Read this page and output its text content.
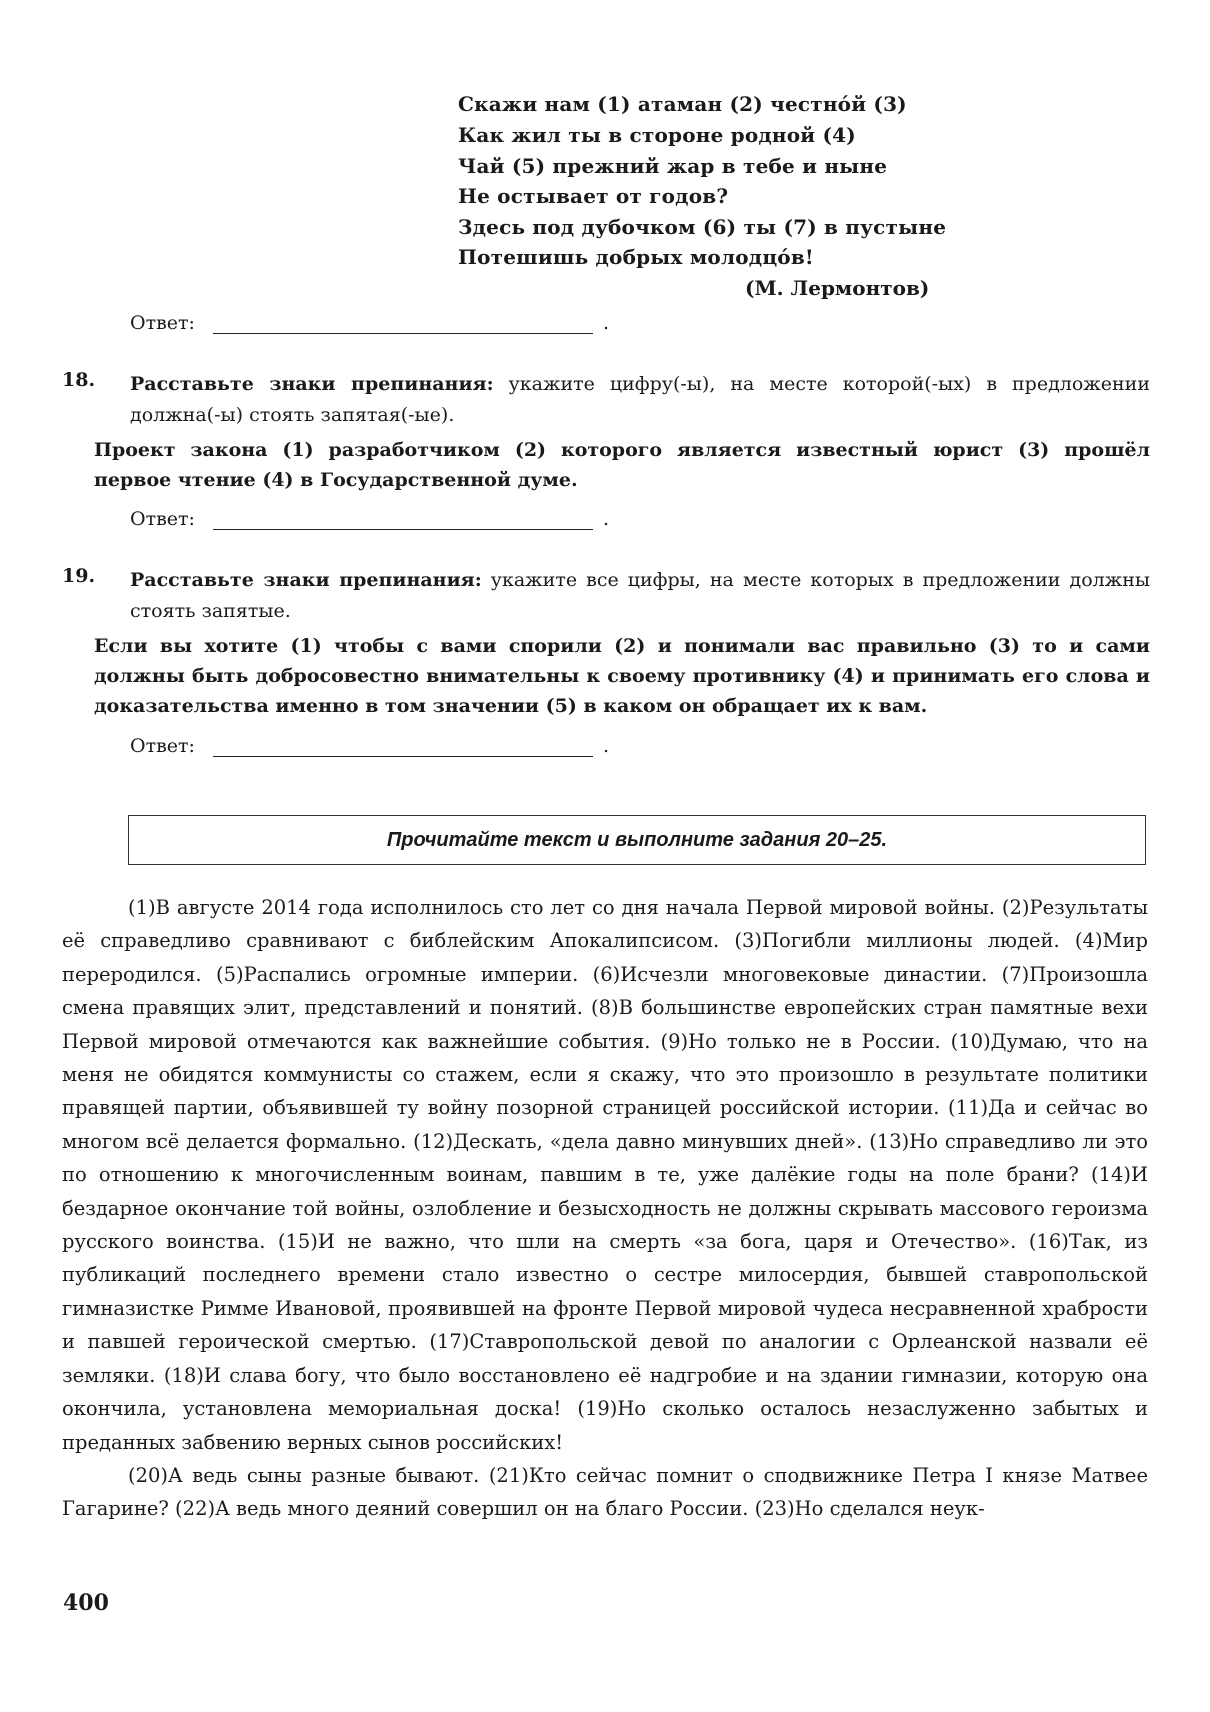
Скажи нам (1) атаман (2) честнóй (3)
Как жил ты в стороне родной (4)
Чай (5) прежний жар в тебе и ныне
Не остывает от годов?
Здесь под дубочком (6) ты (7) в пустыне
Потешишь добрых молодцóв!
(М. Лермонтов)
Ответ:	.
18. Расставьте знаки препинания: укажите цифру(-ы), на месте которой(-ых) в предложении должна(-ы) стоять запятая(-ые).
Проект закона (1) разработчиком (2) которого является известный юрист (3) прошёл первое чтение (4) в Государственной думе.
Ответ:	.
19. Расставьте знаки препинания: укажите все цифры, на месте которых в предложении должны стоять запятые.
Если вы хотите (1) чтобы с вами спорили (2) и понимали вас правильно (3) то и сами должны быть добросовестно внимательны к своему противнику (4) и принимать его слова и доказательства именно в том значении (5) в каком он обращает их к вам.
Ответ:	.
Прочитайте текст и выполните задания 20–25.

(1)В августе 2014 года исполнилось сто лет со дня начала Первой мировой войны. (2)Результаты её справедливо сравнивают с библейским Апокалипсисом. (3)Погибли миллионы людей. (4)Мир переродился. (5)Распались огромные империи. (6)Исчезли многовековые династии. (7)Произошла смена правящих элит, представлений и понятий. (8)В большинстве европейских стран памятные вехи Первой мировой отмечаются как важнейшие события. (9)Но только не в России. (10)Думаю, что на меня не обидятся коммунисты со стажем, если я скажу, что это произошло в результате политики правящей партии, объявившей ту войну позорной страницей российской истории. (11)Да и сейчас во многом всё делается формально. (12)Дескать, «дела давно минувших дней». (13)Но справедливо ли это по отношению к многочисленным воинам, павшим в те, уже далёкие годы на поле брани? (14)И бездарное окончание той войны, озлобление и безысходность не должны скрывать массового героизма русского воинства. (15)И не важно, что шли на смерть «за бога, царя и Отечество». (16)Так, из публикаций последнего времени стало известно о сестре милосердия, бывшей ставропольской гимназистке Римме Ивановой, проявившей на фронте Первой мировой чудеса несравненной храбрости и павшей героической смертью. (17)Ставропольской девой по аналогии с Орлеанской назвали её земляки. (18)И слава богу, что было восстановлено её надгробие и на здании гимназии, которую она окончила, установлена мемориальная доска! (19)Но сколько осталось незаслуженно забытых и преданных забвению верных сынов российских!

(20)А ведь сыны разные бывают. (21)Кто сейчас помнит о сподвижнике Петра I князе Матвее Гагарине? (22)А ведь много деяний совершил он на благо России. (23)Но сделался неук-

400
